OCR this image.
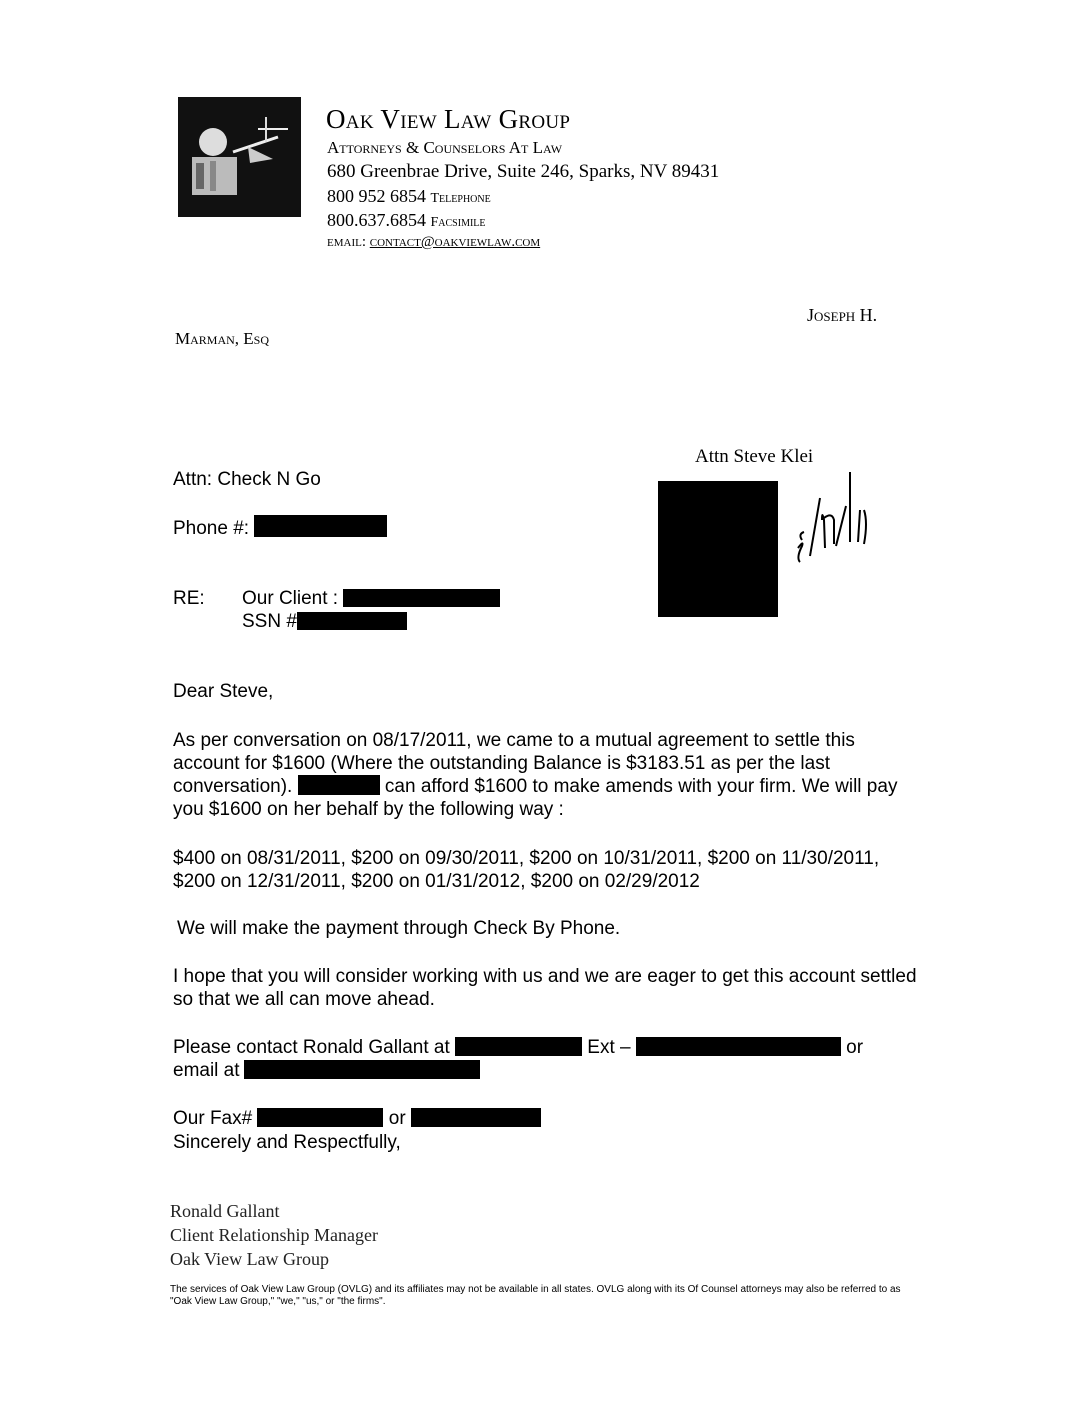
Oak View Law Group
Attorneys & Counselors At Law
680 Greenbrae Drive, Suite 246, Sparks, NV 89431
800 952 6854 Telephone
800.637.6854 Facsimile
email: contact@oakviewlaw.com
Joseph H.
Marman, Esq
Attn Steve Klei
Attn: Check N Go
Phone #:
RE: Our Client :
SSN #
Dear Steve,
As per conversation on 08/17/2011, we came to a mutual agreement to settle this account for $1600 (Where the outstanding Balance is $3183.51 as per the last conversation).	can afford $1600 to make amends with your firm. We will pay you $1600 on her behalf by the following way :
$400 on 08/31/2011, $200 on 09/30/2011, $200 on 10/31/2011, $200 on 11/30/2011, $200 on 12/31/2011, $200 on 01/31/2012, $200 on 02/29/2012
We will make the payment through Check By Phone.
I hope that you will consider working with us and we are eager to get this account settled so that we all can move ahead.
Please contact Ronald Gallant at	Ext –	or
email at
Our Fax#	or
Sincerely and Respectfully,
Ronald Gallant
Client Relationship Manager
Oak View Law Group
The services of Oak View Law Group (OVLG) and its affiliates may not be available in all states. OVLG along with its Of Counsel attorneys may also be referred to as "Oak View Law Group," "we," "us," or "the firms".
